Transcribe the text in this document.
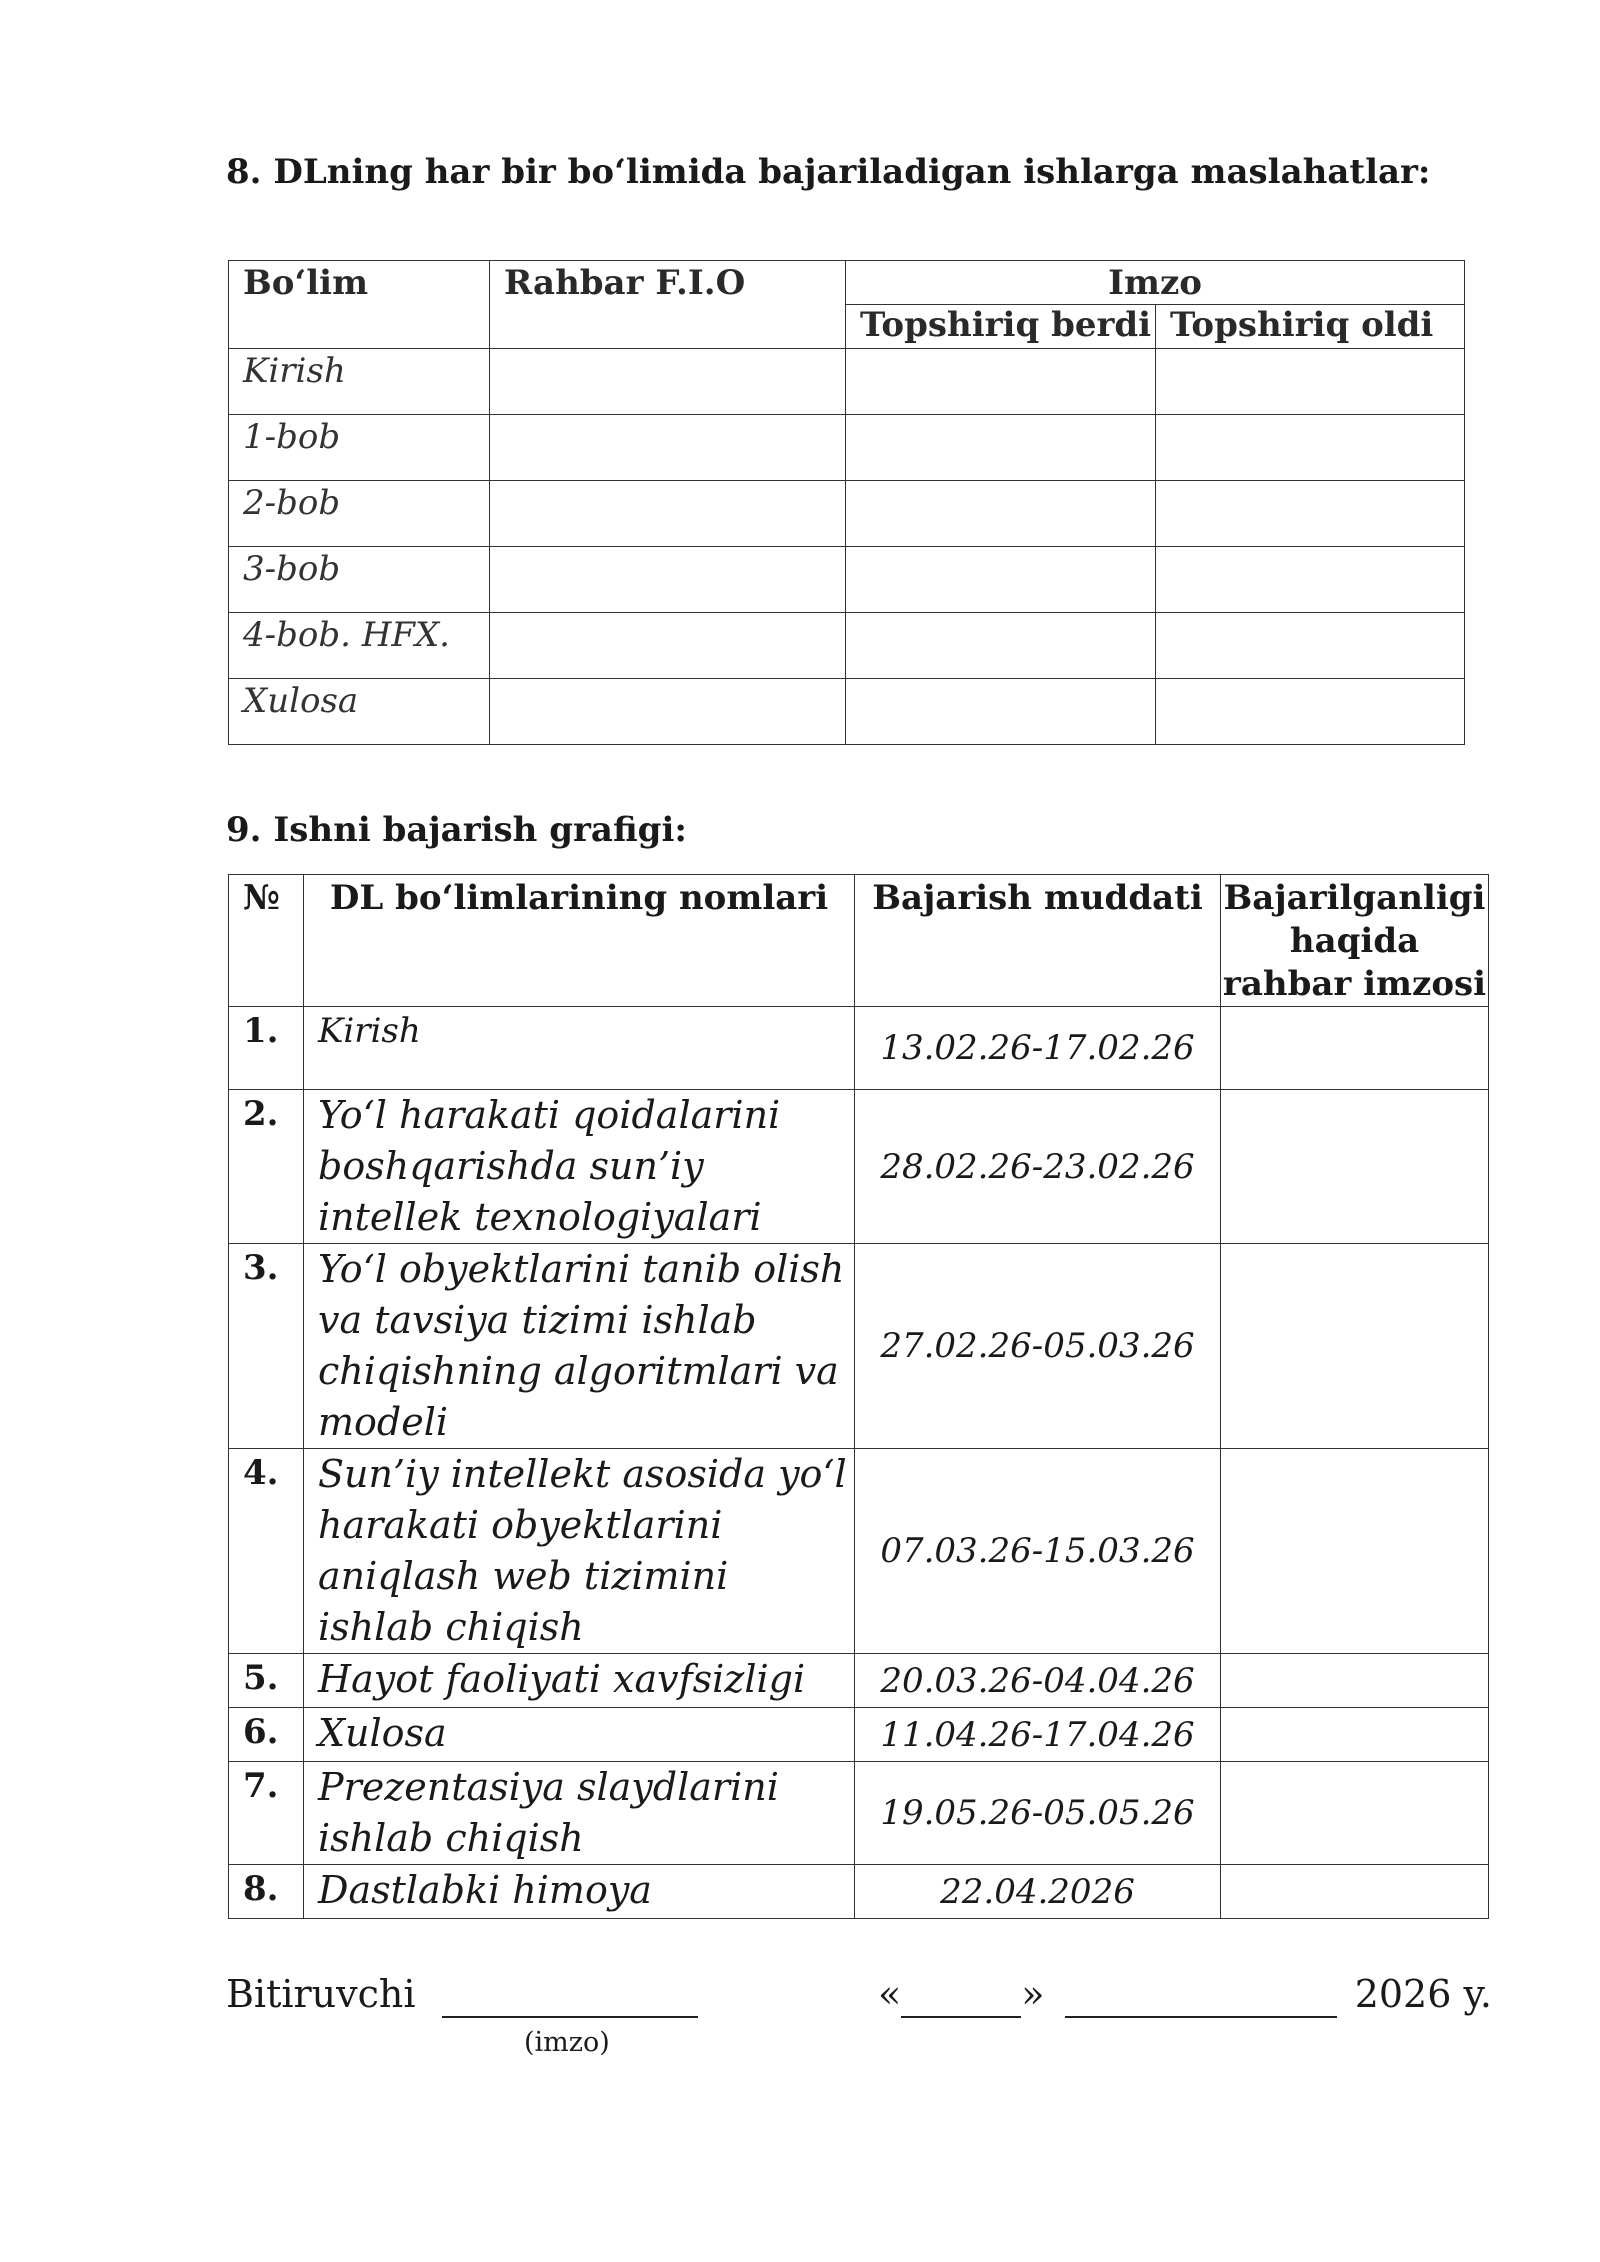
8. DLning har bir bo‘limida bajariladigan ishlarga maslahatlar:
Bo‘lim	Rahbar F.I.O	Imzo	
		Topshiriq berdi	Topshiriq oldi

Kirish			

1-bob			

2-bob			

3-bob			

4-bob. HFX.			

Xulosa			

9. Ishni bajarish grafigi:
№	DL bo‘limlarining nomlari	Bajarish muddati	Bajarilganligi haqida rahbar imzosi
1.	Kirish	13.02.26-17.02.26	
2.	Yo‘l harakati qoidalarini boshqarishda sun’iy intellek texnologiyalari	28.02.26-23.02.26	
3.	Yo‘l obyektlarini tanib olish va tavsiya tizimi ishlab chiqishning algoritmlari va modeli	27.02.26-05.03.26	
4.	Sun’iy intellekt asosida yo‘l harakati obyektlarini aniqlash web tizimini ishlab chiqish	07.03.26-15.03.26	
5.	Hayot faoliyati xavfsizligi	20.03.26-04.04.26	
6.	Xulosa	11.04.26-17.04.26	
7.	Prezentasiya slaydlarini ishlab chiqish	19.05.26-05.05.26	
8.	Dastlabki himoya	22.04.2026	
Bitiruvchi
(imzo)
«	»	2026 y.
